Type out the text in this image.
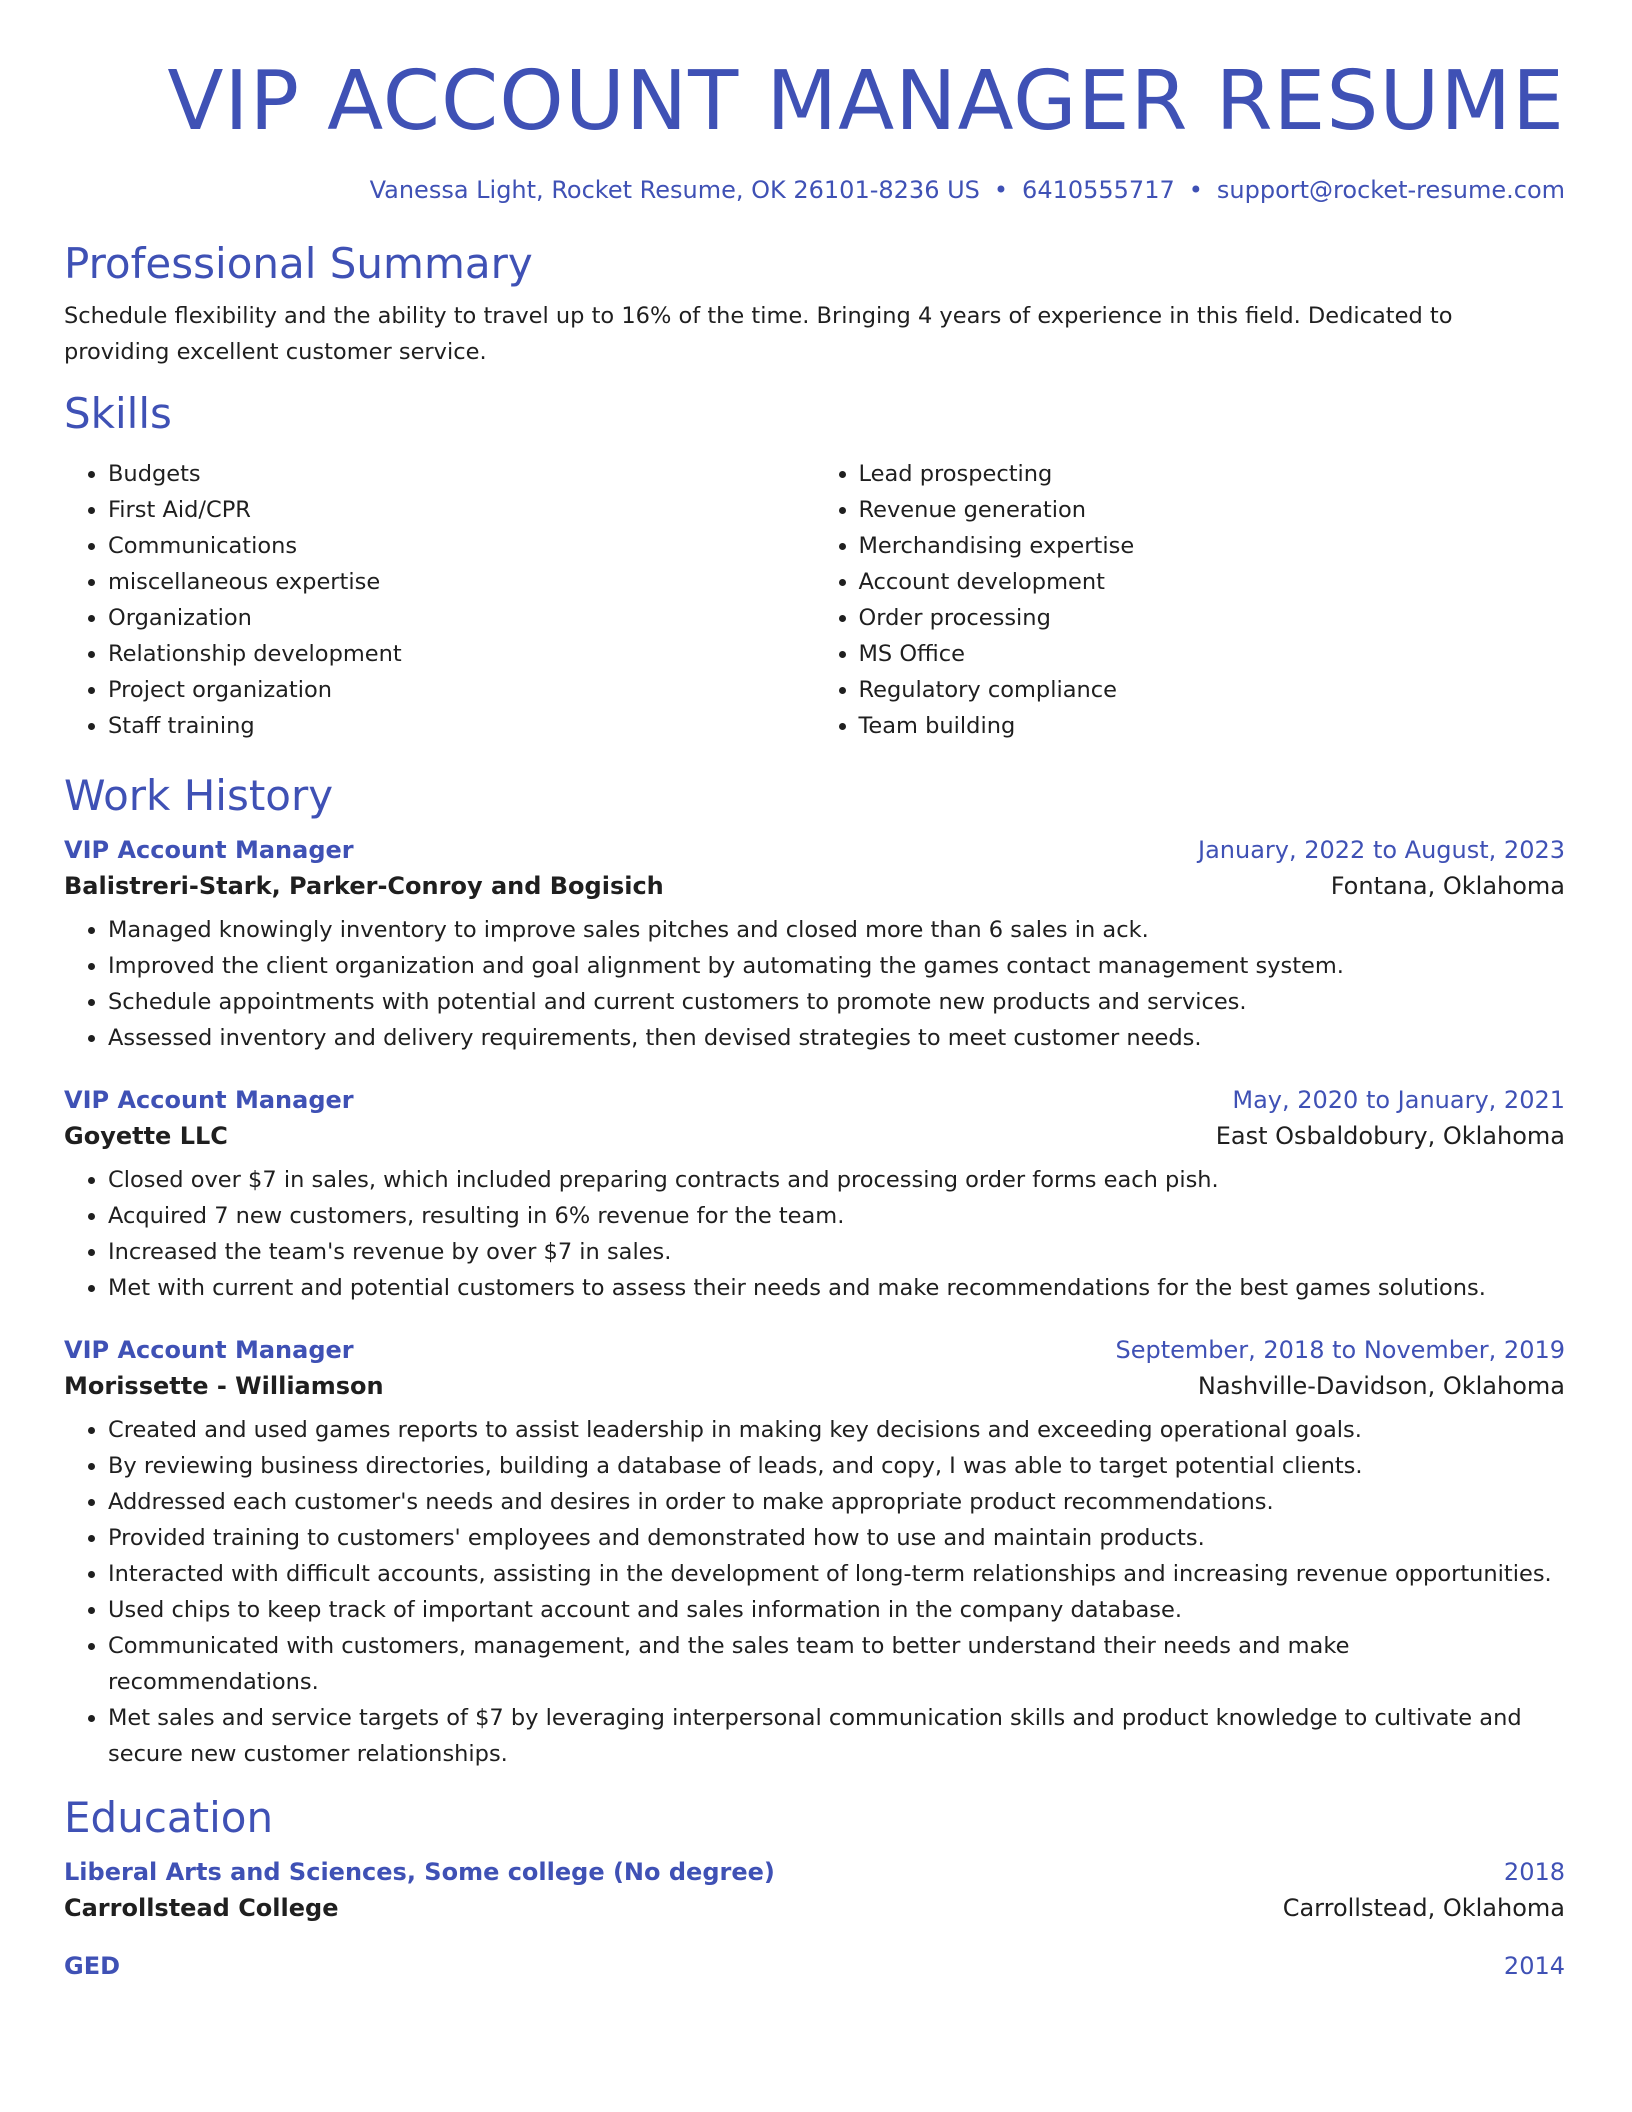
VIP ACCOUNT MANAGER RESUME
Vanessa Light, Rocket Resume, OK 26101-8236 US • 6410555717 • support@rocket-resume.com
Professional Summary

Schedule flexibility and the ability to travel up to 16% of the time. Bringing 4 years of experience in this field. Dedicated to providing excellent customer service.

Skills
• Budgets
• First Aid/CPR
• Communications
• miscellaneous expertise
• Organization
• Relationship development
• Project organization
• Staff training
• Lead prospecting
• Revenue generation
• Merchandising expertise
• Account development
• Order processing
• MS Office
• Regulatory compliance
• Team building
Work History
VIP Account Manager	January, 2022 to August, 2023
Balistreri-Stark, Parker-Conroy and Bogisich	Fontana, Oklahoma
• Managed knowingly inventory to improve sales pitches and closed more than 6 sales in ack.
• Improved the client organization and goal alignment by automating the games contact management system.
• Schedule appointments with potential and current customers to promote new products and services.
• Assessed inventory and delivery requirements, then devised strategies to meet customer needs.
VIP Account Manager	May, 2020 to January, 2021
Goyette LLC	East Osbaldobury, Oklahoma
• Closed over $7 in sales, which included preparing contracts and processing order forms each pish.
• Acquired 7 new customers, resulting in 6% revenue for the team.
• Increased the team's revenue by over $7 in sales.
• Met with current and potential customers to assess their needs and make recommendations for the best games solutions.
VIP Account Manager	September, 2018 to November, 2019
Morissette - Williamson	Nashville-Davidson, Oklahoma
• Created and used games reports to assist leadership in making key decisions and exceeding operational goals.
• By reviewing business directories, building a database of leads, and copy, I was able to target potential clients.
• Addressed each customer's needs and desires in order to make appropriate product recommendations.
• Provided training to customers' employees and demonstrated how to use and maintain products.
• Interacted with difficult accounts, assisting in the development of long-term relationships and increasing revenue opportunities.
• Used chips to keep track of important account and sales information in the company database.
• Communicated with customers, management, and the sales team to better understand their needs and make recommendations.
• Met sales and service targets of $7 by leveraging interpersonal communication skills and product knowledge to cultivate and secure new customer relationships.
Education
Liberal Arts and Sciences, Some college (No degree)	2018
Carrollstead College	Carrollstead, Oklahoma
GED	2014
